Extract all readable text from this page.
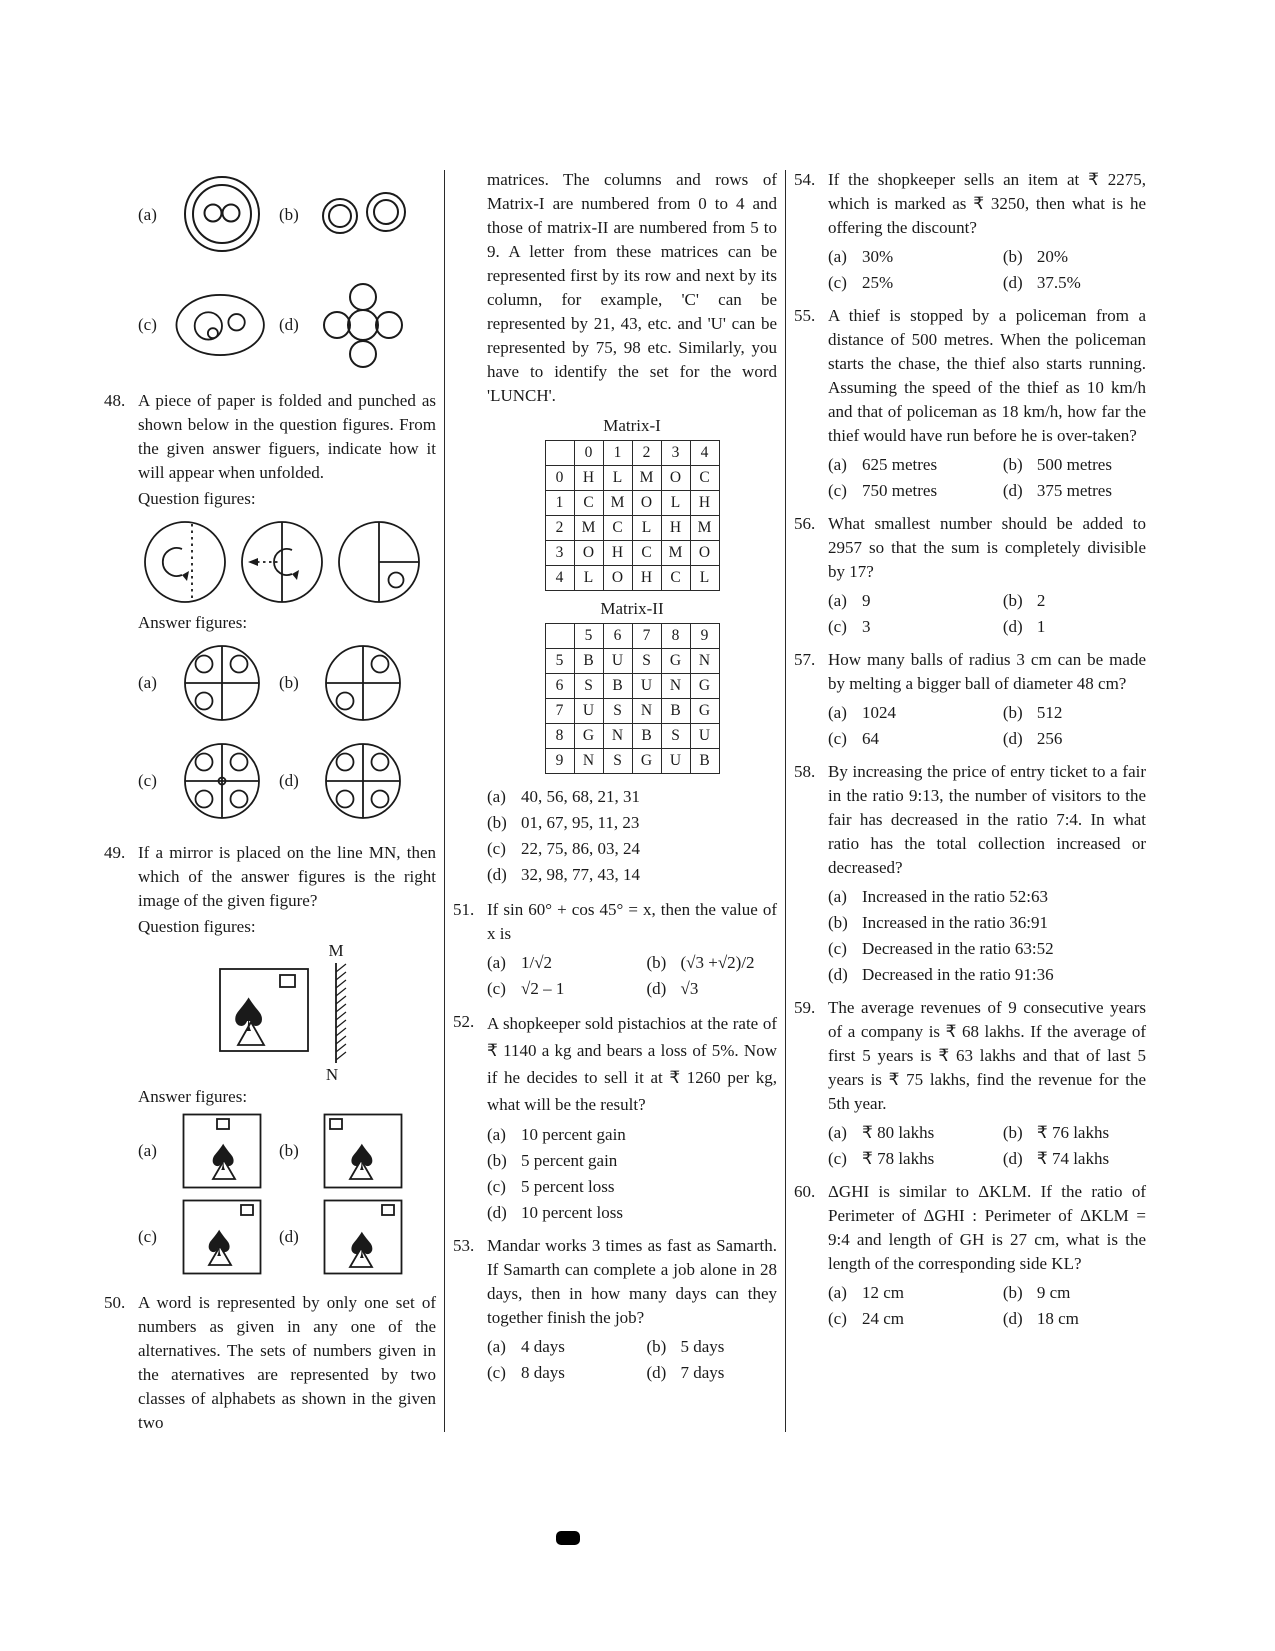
(a)	(b)
(c)	(d)
48. A piece of paper is folded and punched as shown below in the question figures. From the given answer figuers, indicate how it will appear when unfolded.

Question figures:

Answer figures:

(a)	(b)
(c)	(d)
49. If a mirror is placed on the line MN, then which of the answer figures is the right image of the given figure?

Question figures:

M
N
♠

Answer figures:

(a)	♠ (b)	♠
(c)	♠	(d)	♠
50. A word is represented by only one set of numbers as given in any one of the alternatives. The sets of numbers given in the aternatives are represented by two classes of alphabets as shown in the given two

matrices. The columns and rows of Matrix-I are numbered from 0 to 4 and those of matrix-II are numbered from 5 to 9. A letter from these matrices can be represented first by its row and next by its column, for example, 'C' can be represented by 21, 43, etc. and 'U' can be represented by 75, 98 etc. Similarly, you have to identify the set for the word 'LUNCH'.

Matrix-I

	0	1	2	3	4
0	H	L	M	O	C
1	C	M	O	L	H
2	M	C	L	H	M
3	O	H	C	M	O
4	L	O	H	C	L

Matrix-II

	5	6	7	8	9
5	B	U	S	G	N
6	S	B	U	N	G
7	U	S	N	B	G
8	G	N	B	S	U
9	N	S	G	U	B
(a) 40, 56, 68, 21, 31
(b) 01, 67, 95, 11, 23
(c) 22, 75, 86, 03, 24
(d) 32, 98, 77, 43, 14
51. If sin 60° + cos 45° = x, then the value of x is

(a) 1/√2	(b) (√3 +√2)/2
(c) √2 – 1	(d) √3
52. A shopkeeper sold pistachios at the rate of ₹ 1140 a kg and bears a loss of 5%. Now if he decides to sell it at ₹ 1260 per kg, what will be the result?

(a) 10 percent gain
(b) 5 percent gain
(c) 5 percent loss
(d) 10 percent loss
53. Mandar works 3 times as fast as Samarth. If Samarth can complete a job alone in 28 days, then in how many days can they together finish the job?

(a) 4 days	(b) 5 days
(c) 8 days	(d) 7 days
54. If the shopkeeper sells an item at ₹ 2275, which is marked as ₹ 3250, then what is he offering the discount?

(a) 30%	(b) 20%
(c) 25%	(d) 37.5%
55. A thief is stopped by a policeman from a distance of 500 metres. When the policeman starts the chase, the thief also starts running. Assuming the speed of the thief as 10 km/h and that of policeman as 18 km/h, how far the thief would have run before he is over-taken?

(a) 625 metres	(b) 500 metres
(c) 750 metres	(d) 375 metres
56. What smallest number should be added to 2957 so that the sum is completely divisible by 17?

(a) 9	(b) 2
(c) 3	(d) 1
57. How many balls of radius 3 cm can be made by melting a bigger ball of diameter 48 cm?

(a) 1024	(b) 512
(c) 64	(d) 256
58. By increasing the price of entry ticket to a fair in the ratio 9:13, the number of visitors to the fair has decreased in the ratio 7:4. In what ratio has the total collection increased or decreased?

(a) Increased in the ratio 52:63
(b) Increased in the ratio 36:91
(c) Decreased in the ratio 63:52
(d) Decreased in the ratio 91:36
59. The average revenues of 9 consecutive years of a company is ₹ 68 lakhs. If the average of first 5 years is ₹ 63 lakhs and that of last 5 years is ₹ 75 lakhs, find the revenue for the 5th year.

(a) ₹ 80 lakhs	(b) ₹ 76 lakhs
(c) ₹ 78 lakhs	(d) ₹ 74 lakhs
60. ΔGHI is similar to ΔKLM. If the ratio of Perimeter of ΔGHI : Perimeter of ΔKLM = 9:4 and length of GH is 27 cm, what is the length of the corresponding side KL?

(a) 12 cm	(b) 9 cm
(c) 24 cm	(d) 18 cm
